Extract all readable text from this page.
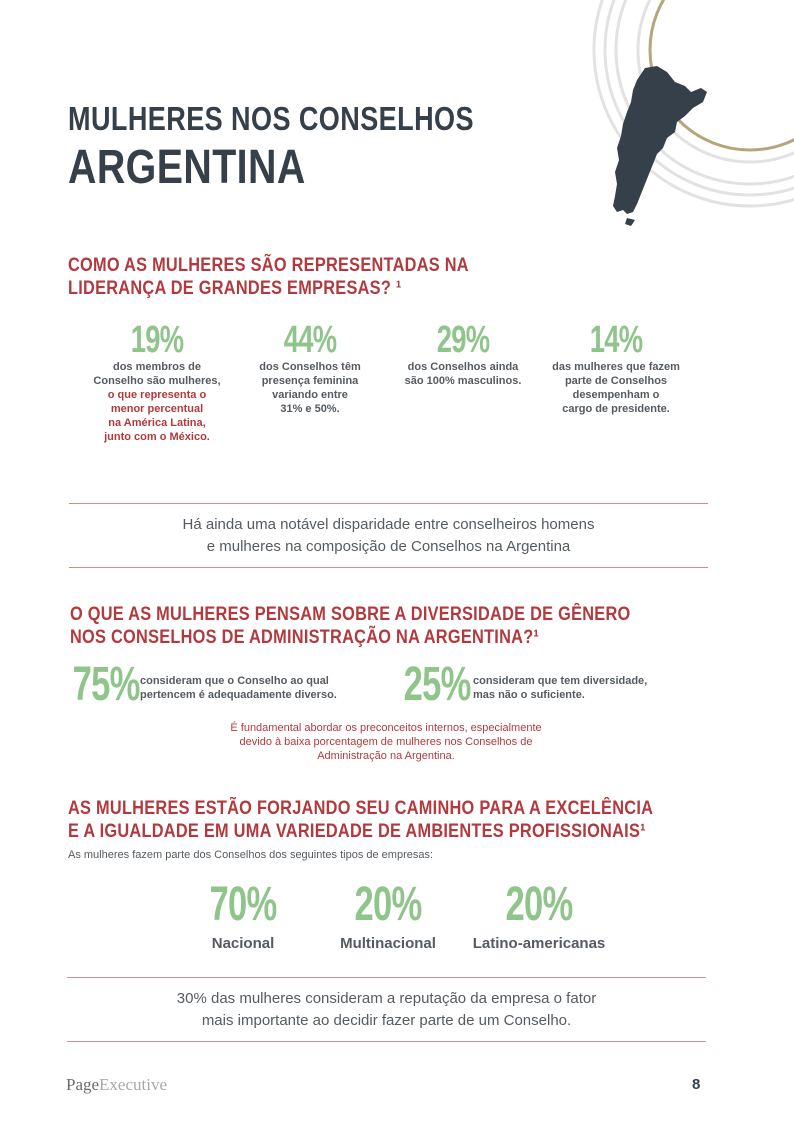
MULHERES NOS CONSELHOS
ARGENTINA
COMO AS MULHERES SÃO REPRESENTADAS NA
LIDERANÇA DE GRANDES EMPRESAS? ¹
19%
dos membros de
Conselho são mulheres,
o que representa o
menor percentual
na América Latina,
junto com o México.
44%
dos Conselhos têm
presença feminina
variando entre
31% e 50%.
29%
dos Conselhos ainda
são 100% masculinos.
14%
das mulheres que fazem
parte de Conselhos
desempenham o
cargo de presidente.
Há ainda uma notável disparidade entre conselheiros homens
e mulheres na composição de Conselhos na Argentina
O QUE AS MULHERES PENSAM SOBRE A DIVERSIDADE DE GÊNERO
NOS CONSELHOS DE ADMINISTRAÇÃO NA ARGENTINA?¹
75% consideram que o Conselho ao qual
pertencem é adequadamente diverso. 25% consideram que tem diversidade,
mas não o suficiente.
É fundamental abordar os preconceitos internos, especialmente
devido à baixa porcentagem de mulheres nos Conselhos de
Administração na Argentina.
AS MULHERES ESTÃO FORJANDO SEU CAMINHO PARA A EXCELÊNCIA
E A IGUALDADE EM UMA VARIEDADE DE AMBIENTES PROFISSIONAIS¹
As mulheres fazem parte dos Conselhos dos seguintes tipos de empresas:
70%
Nacional
20%
Multinacional
20%
Latino-americanas
30% das mulheres consideram a reputação da empresa o fator
mais importante ao decidir fazer parte de um Conselho.
PageExecutive	8
